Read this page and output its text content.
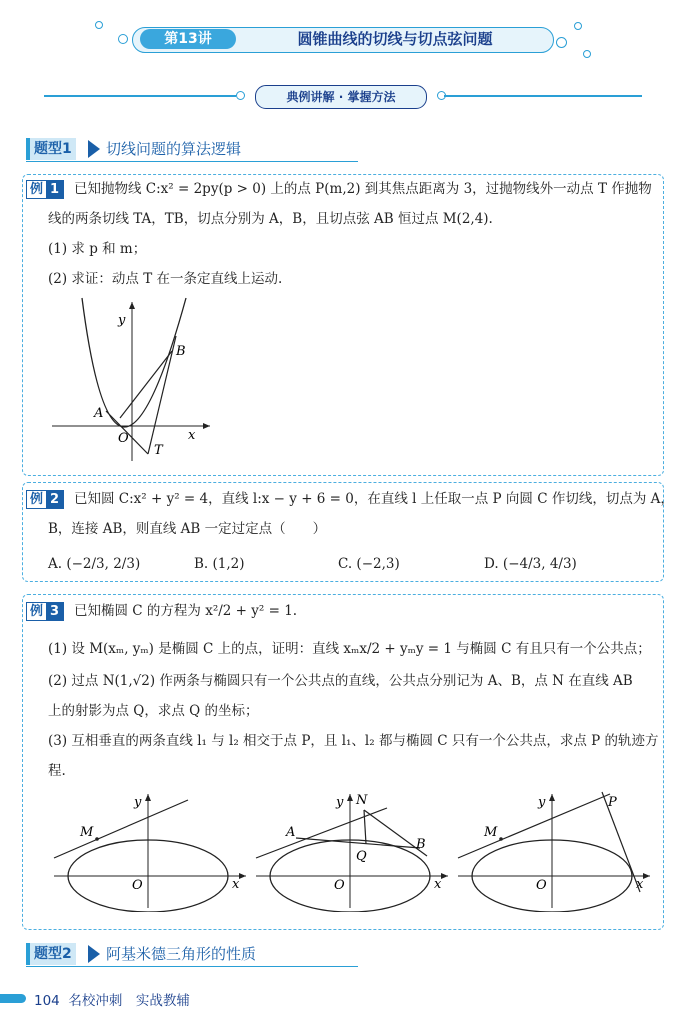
第13讲	圆锥曲线的切线与切点弦问题
典例讲解 · 掌握方法
题型1 切线问题的算法逻辑
例 1 已知抛物线 C:x² = 2py(p > 0) 上的点 P(m,2) 到其焦点距离为 3，过抛物线外一动点 T 作抛物
线的两条切线 TA，TB，切点分别为 A，B，且切点弦 AB 恒过点 M(2,4).
(1) 求 p 和 m；
(2) 求证：动点 T 在一条定直线上运动.
y
x
O
A
B
T
例 2 已知圆 C:x² + y² = 4，直线 l:x − y + 6 = 0，在直线 l 上任取一点 P 向圆 C 作切线，切点为 A，
B，连接 AB，则直线 AB 一定过定点（　　）
A. (−2/3, 2/3)	B. (1,2)	C. (−2,3)	D. (−4/3, 4/3)
例 3 已知椭圆 C 的方程为 x²/2 + y² = 1.
(1) 设 M(xₘ, yₘ) 是椭圆 C 上的点，证明：直线 xₘx/2 + yₘy = 1 与椭圆 C 有且只有一个公共点；
(2) 过点 N(1,√2) 作两条与椭圆只有一个公共点的直线，公共点分别记为 A、B，点 N 在直线 AB
上的射影为点 Q，求点 Q 的坐标；
(3) 互相垂直的两条直线 l₁ 与 l₂ 相交于点 P，且 l₁、l₂ 都与椭圆 C 只有一个公共点，求点 P 的轨迹方
程.
y
x
O
M
y
x
O
A
B
N
Q
y
x
O
M
P
题型2 阿基米德三角形的性质
104 名校冲刺　实战教辅
